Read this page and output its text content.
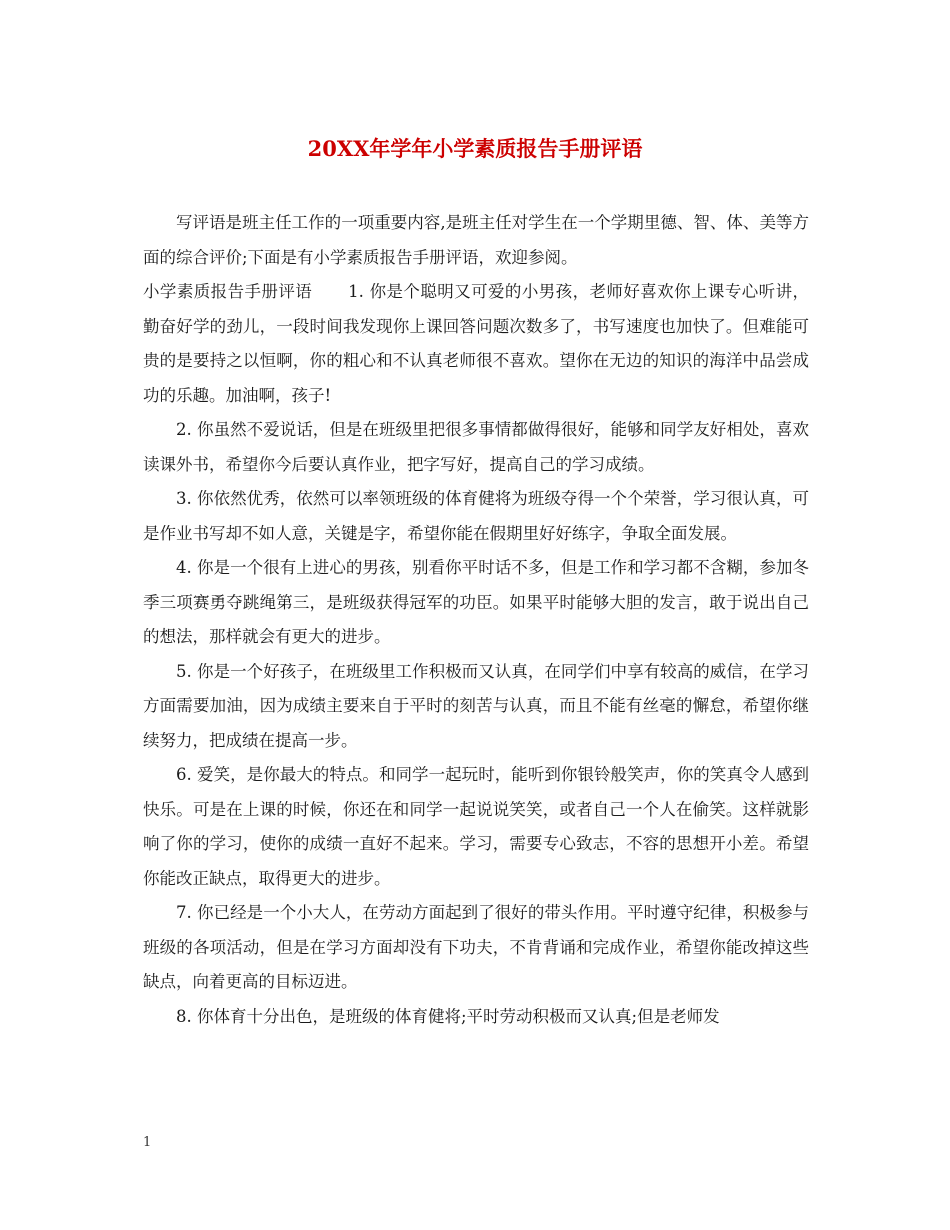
20XX年学年小学素质报告手册评语

写评语是班主任工作的一项重要内容,是班主任对学生在一个学期里德、智、体、美等方面的综合评价;下面是有小学素质报告手册评语，欢迎参阅。

小学素质报告手册评语 1. 你是个聪明又可爱的小男孩，老师好喜欢你上课专心听讲，勤奋好学的劲儿，一段时间我发现你上课回答问题次数多了，书写速度也加快了。但难能可贵的是要持之以恒啊，你的粗心和不认真老师很不喜欢。望你在无边的知识的海洋中品尝成功的乐趣。加油啊，孩子!

2. 你虽然不爱说话，但是在班级里把很多事情都做得很好，能够和同学友好相处，喜欢读课外书，希望你今后要认真作业，把字写好，提高自己的学习成绩。

3. 你依然优秀，依然可以率领班级的体育健将为班级夺得一个个荣誉，学习很认真，可是作业书写却不如人意，关键是字，希望你能在假期里好好练字，争取全面发展。

4. 你是一个很有上进心的男孩，别看你平时话不多，但是工作和学习都不含糊，参加冬季三项赛勇夺跳绳第三，是班级获得冠军的功臣。如果平时能够大胆的发言，敢于说出自己的想法，那样就会有更大的进步。

5. 你是一个好孩子，在班级里工作积极而又认真，在同学们中享有较高的威信，在学习方面需要加油，因为成绩主要来自于平时的刻苦与认真，而且不能有丝毫的懈怠，希望你继续努力，把成绩在提高一步。

6. 爱笑，是你最大的特点。和同学一起玩时，能听到你银铃般笑声，你的笑真令人感到快乐。可是在上课的时候，你还在和同学一起说说笑笑，或者自己一个人在偷笑。这样就影响了你的学习，使你的成绩一直好不起来。学习，需要专心致志，不容的思想开小差。希望你能改正缺点，取得更大的进步。

7. 你已经是一个小大人，在劳动方面起到了很好的带头作用。平时遵守纪律，积极参与班级的各项活动，但是在学习方面却没有下功夫，不肯背诵和完成作业，希望你能改掉这些缺点，向着更高的目标迈进。

8. 你体育十分出色，是班级的体育健将;平时劳动积极而又认真;但是老师发

1
